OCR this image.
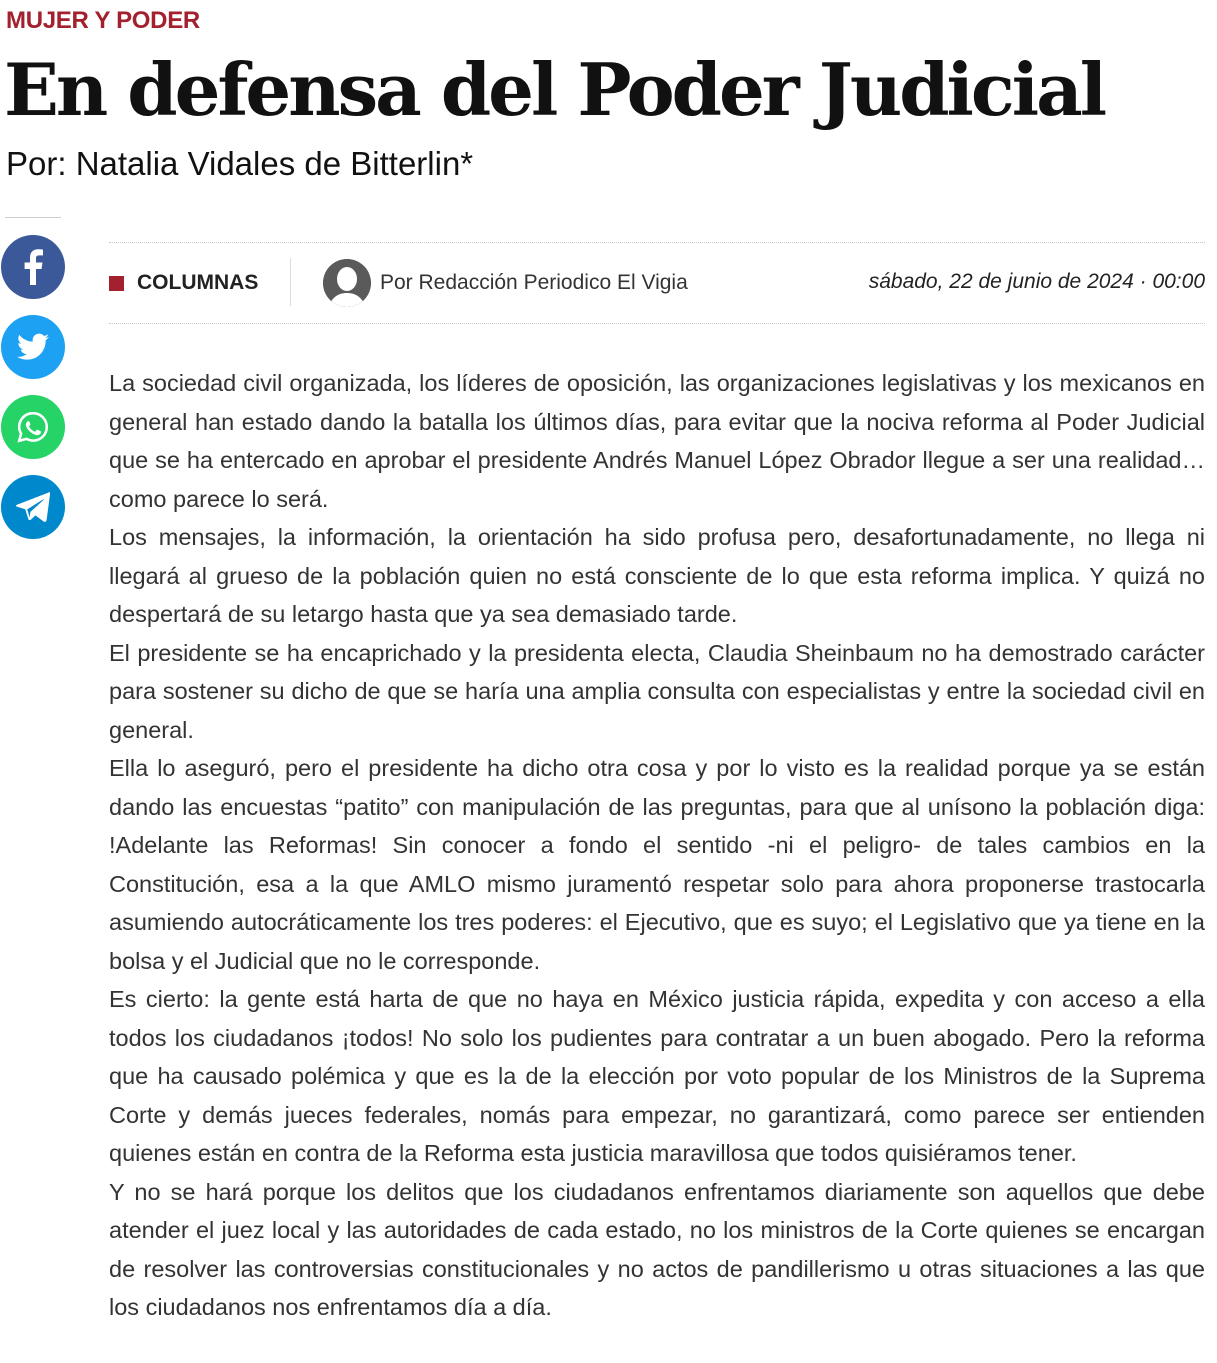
MUJER Y PODER
En defensa del Poder Judicial
Por: Natalia Vidales de Bitterlin*
COLUMNAS	Por Redacción Periodico El Vigia	sábado, 22 de junio de 2024 · 00:00

La sociedad civil organizada, los líderes de oposición, las organizaciones legislativas y los mexicanos en general han estado dando la batalla los últimos días, para evitar que la nociva reforma al Poder Judicial que se ha entercado en aprobar el presidente Andrés Manuel López Obrador llegue a ser una realidad… como parece lo será.

Los mensajes, la información, la orientación ha sido profusa pero, desafortunadamente, no llega ni llegará al grueso de la población quien no está consciente de lo que esta reforma implica. Y quizá no despertará de su letargo hasta que ya sea demasiado tarde.

El presidente se ha encaprichado y la presidenta electa, Claudia Sheinbaum no ha demostrado carácter para sostener su dicho de que se haría una amplia consulta con especialistas y entre la sociedad civil en general.

Ella lo aseguró, pero el presidente ha dicho otra cosa y por lo visto es la realidad porque ya se están dando las encuestas “patito” con manipulación de las preguntas, para que al unísono la población diga: !Adelante las Reformas! Sin conocer a fondo el sentido -ni el peligro- de tales cambios en la Constitución, esa a la que AMLO mismo juramentó respetar solo para ahora proponerse trastocarla asumiendo autocráticamente los tres poderes: el Ejecutivo, que es suyo; el Legislativo que ya tiene en la bolsa y el Judicial que no le corresponde.

Es cierto: la gente está harta de que no haya en México justicia rápida, expedita y con acceso a ella todos los ciudadanos ¡todos! No solo los pudientes para contratar a un buen abogado. Pero la reforma que ha causado polémica y que es la de la elección por voto popular de los Ministros de la Suprema Corte y demás jueces federales, nomás para empezar, no garantizará, como parece ser entienden quienes están en contra de la Reforma esta justicia maravillosa que todos quisiéramos tener.

Y no se hará porque los delitos que los ciudadanos enfrentamos diariamente son aquellos que debe atender el juez local y las autoridades de cada estado, no los ministros de la Corte quienes se encargan de resolver las controversias constitucionales y no actos de pandillerismo u otras situaciones a las que los ciudadanos nos enfrentamos día a día.
